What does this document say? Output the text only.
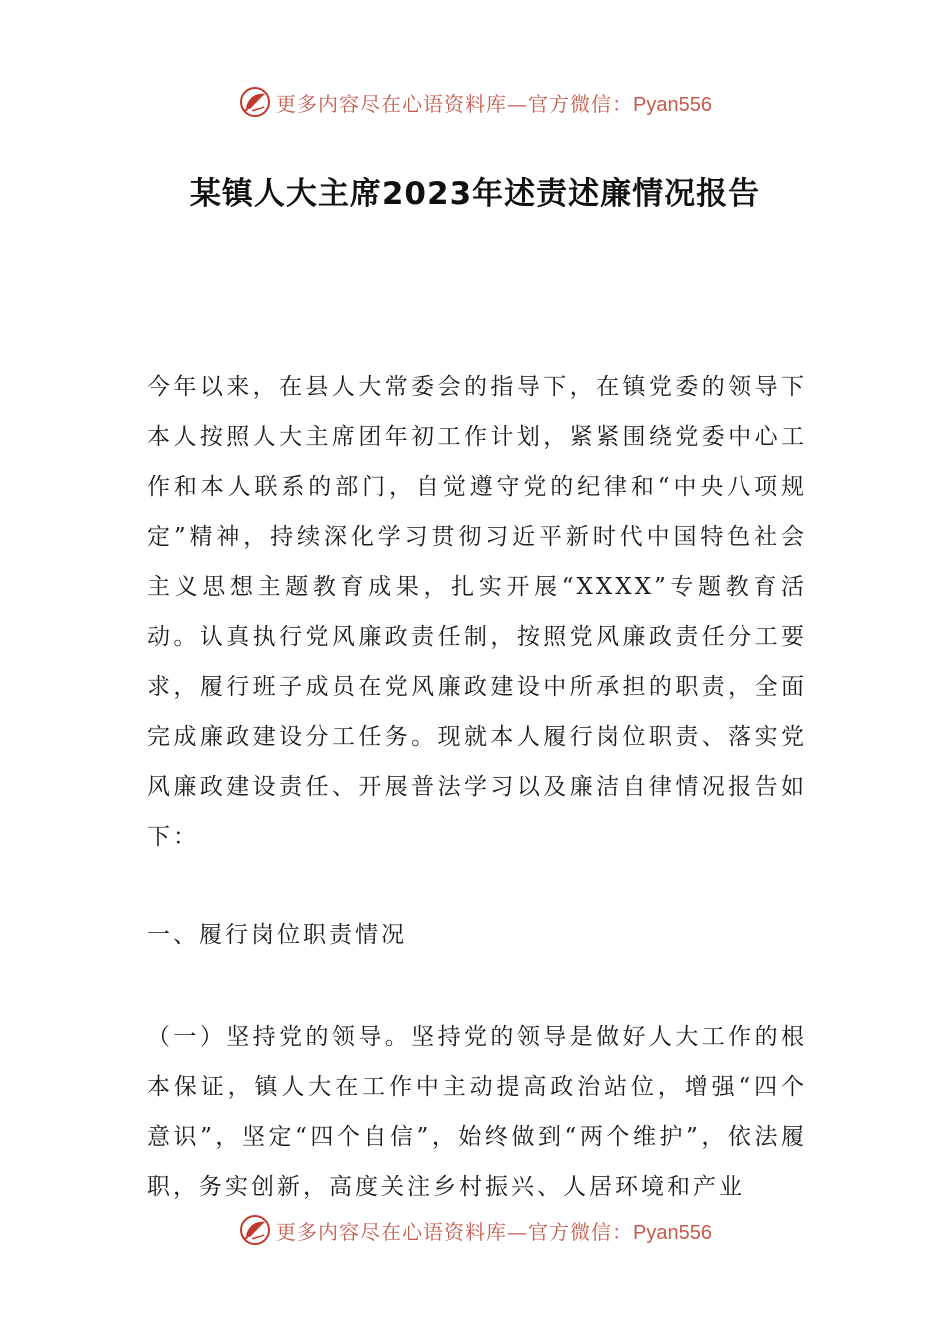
更多内容尽在心语资料库—官方微信：Pyan556
某镇人大主席2023年述责述廉情况报告

今年以来，在县人大常委会的指导下，在镇党委的领导下本人按照人大主席团年初工作计划，紧紧围绕党委中心工作和本人联系的部门，自觉遵守党的纪律和“中央八项规定”精神，持续深化学习贯彻习近平新时代中国特色社会主义思想主题教育成果，扎实开展“XXXX”专题教育活动。认真执行党风廉政责任制，按照党风廉政责任分工要求，履行班子成员在党风廉政建设中所承担的职责，全面完成廉政建设分工任务。现就本人履行岗位职责、落实党风廉政建设责任、开展普法学习以及廉洁自律情况报告如下：

一、履行岗位职责情况

（一）坚持党的领导。坚持党的领导是做好人大工作的根本保证，镇人大在工作中主动提高政治站位，增强“四个意识”，坚定“四个自信”，始终做到“两个维护”，依法履职，务实创新，高度关注乡村振兴、人居环境和产业

更多内容尽在心语资料库—官方微信：Pyan556
